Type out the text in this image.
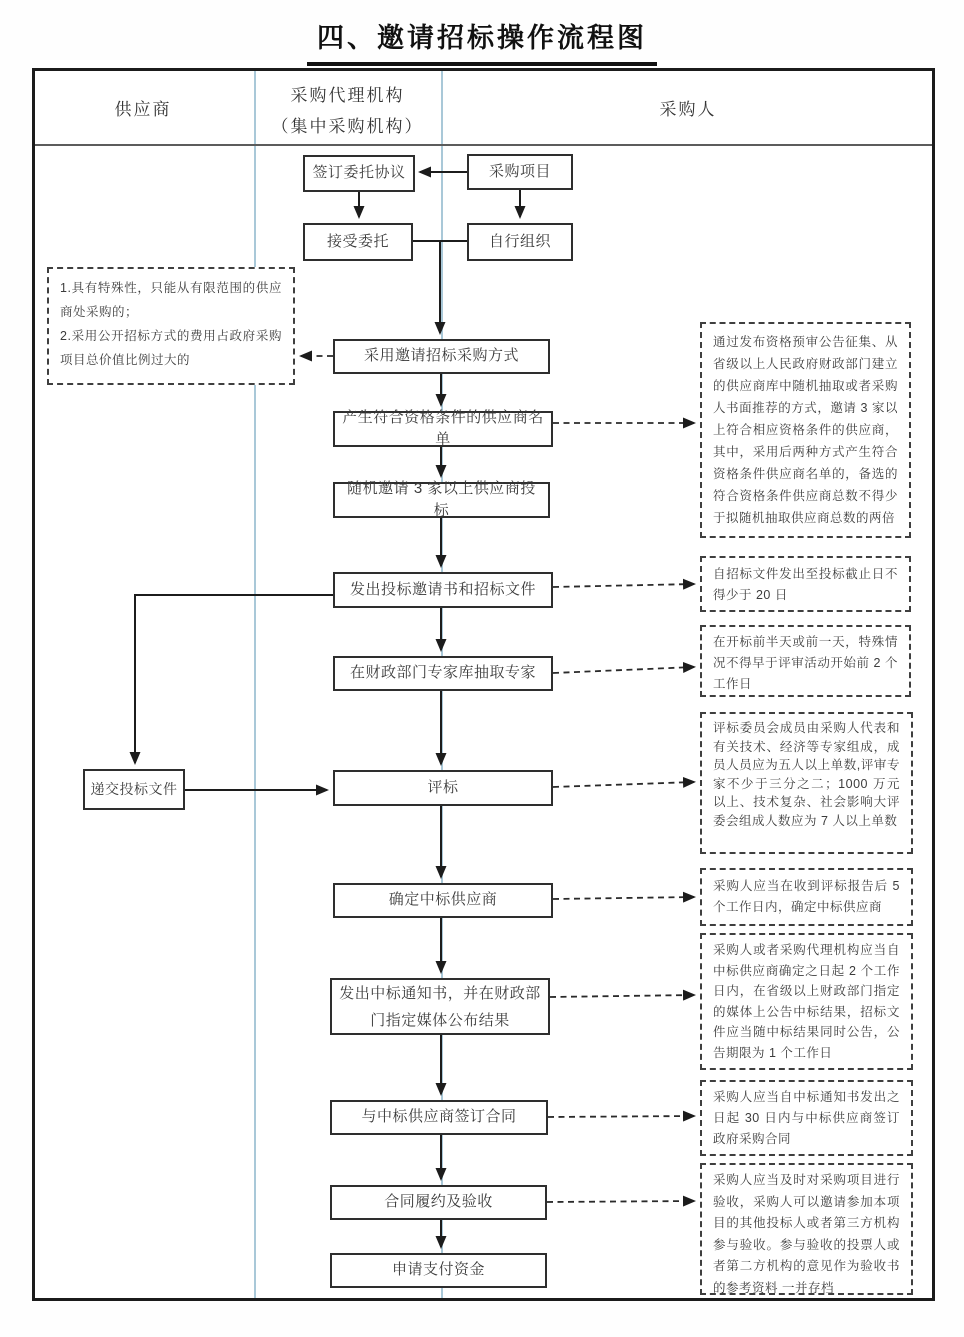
四、邀请招标操作流程图
供应商
采购代理机构
（集中采购机构）
采购人
签订委托协议	采购项目
接受委托	自行组织
采用邀请招标采购方式
产生符合资格条件的供应商名单
随机邀请 3 家以上供应商投标
发出投标邀请书和招标文件
在财政部门专家库抽取专家
递交投标文件	评标
确定中标供应商
发出中标通知书，并在财政部门指定媒体公布结果
与中标供应商签订合同
合同履约及验收
申请支付资金
1.具有特殊性，只能从有限范围的供应商处采购的；
2.采用公开招标方式的费用占政府采购项目总价值比例过大的
通过发布资格预审公告征集、从省级以上人民政府财政部门建立的供应商库中随机抽取或者采购人书面推荐的方式，邀请 3 家以上符合相应资格条件的供应商，其中，采用后两种方式产生符合资格条件供应商名单的，备选的符合资格条件供应商总数不得少于拟随机抽取供应商总数的两倍
自招标文件发出至投标截止日不得少于 20 日
在开标前半天或前一天，特殊情况不得早于评审活动开始前 2 个工作日
评标委员会成员由采购人代表和有关技术、经济等专家组成，成员人员应为五人以上单数,评审专家不少于三分之二；1000 万元以上、技术复杂、社会影响大评委会组成人数应为 7 人以上单数
采购人应当在收到评标报告后 5 个工作日内，确定中标供应商
采购人或者采购代理机构应当自中标供应商确定之日起 2 个工作日内，在省级以上财政部门指定的媒体上公告中标结果，招标文件应当随中标结果同时公告，公告期限为 1 个工作日
采购人应当自中标通知书发出之日起 30 日内与中标供应商签订政府采购合同
采购人应当及时对采购项目进行验收，采购人可以邀请参加本项目的其他投标人或者第三方机构参与验收。参与验收的投票人或者第二方机构的意见作为验收书的参考资料 一并存档
